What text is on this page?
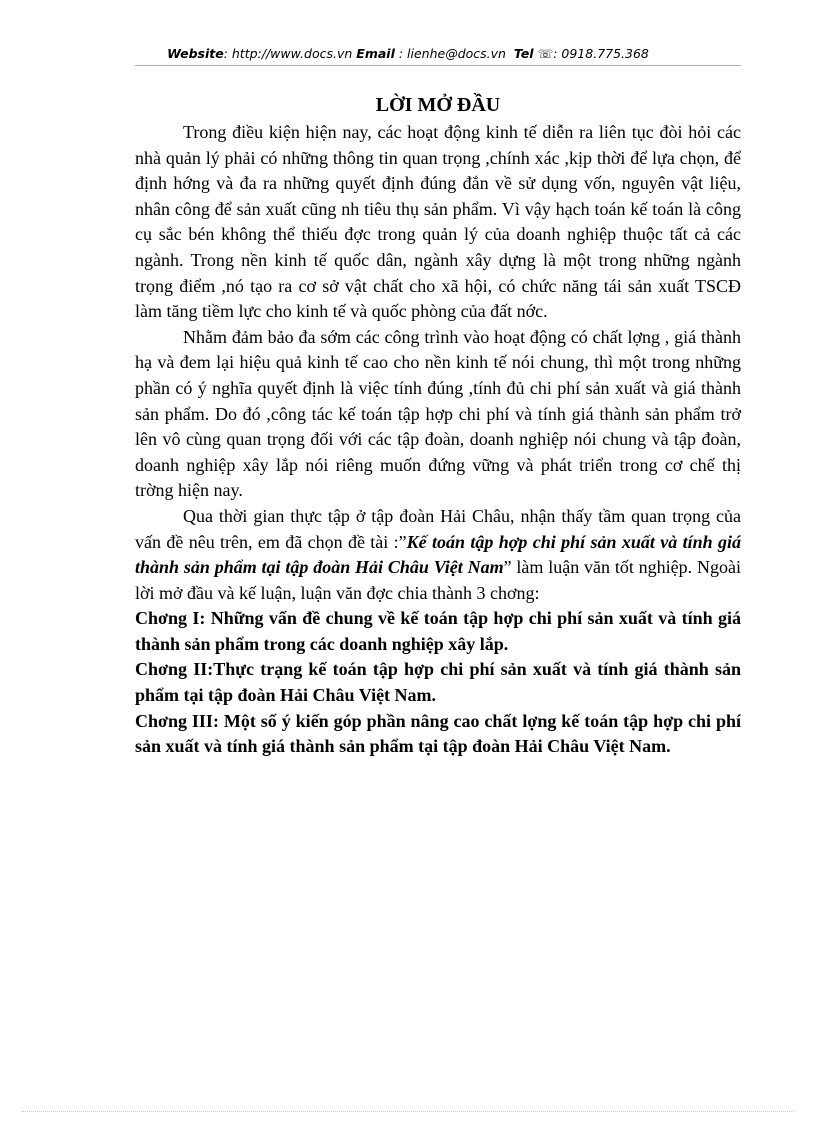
Website: http://www.docs.vn Email : lienhe@docs.vn Tel ☏: 0918.775.368
LỜI MỞ ĐẦU

Trong điều kiện hiện nay, các hoạt động kinh tế diễn ra liên tục đòi hỏi các nhà quản lý phải có những thông tin quan trọng ,chính xác ,kịp thời để lựa chọn, để định hớng và đa ra những quyết định đúng đắn về sử dụng vốn, nguyên vật liệu, nhân công để sản xuất cũng nh tiêu thụ sản phẩm. Vì vậy hạch toán kế toán là công cụ sắc bén không thể thiếu đợc trong quản lý của doanh nghiệp thuộc tất cả các ngành. Trong nền kinh tế quốc dân, ngành xây dựng là một trong những ngành trọng điểm ,nó tạo ra cơ sở vật chất cho xã hội, có chức năng tái sản xuất TSCĐ làm tăng tiềm lực cho kinh tế và quốc phòng của đất nớc.

Nhằm đảm bảo đa sớm các công trình vào hoạt động có chất lợng , giá thành hạ và đem lại hiệu quả kinh tế cao cho nền kinh tế nói chung, thì một trong những phần có ý nghĩa quyết định là việc tính đúng ,tính đủ chi phí sản xuất và giá thành sản phẩm. Do đó ,công tác kế toán tập hợp chi phí và tính giá thành sản phẩm trở lên vô cùng quan trọng đối với các tập đoàn, doanh nghiệp nói chung và tập đoàn, doanh nghiệp xây lắp nói riêng muốn đứng vững và phát triển trong cơ chế thị trờng hiện nay.

Qua thời gian thực tập ở tập đoàn Hải Châu, nhận thấy tầm quan trọng của vấn đề nêu trên, em đã chọn đề tài :”Kế toán tập hợp chi phí sản xuất và tính giá thành sản phẩm tại tập đoàn Hải Châu Việt Nam” làm luận văn tốt nghiệp. Ngoài lời mở đầu và kế luận, luận văn đợc chia thành 3 chơng:

Chơng I: Những vấn đề chung về kế toán tập hợp chi phí sản xuất và tính giá thành sản phẩm trong các doanh nghiệp xây lắp.

Chơng II:Thực trạng kế toán tập hợp chi phí sản xuất và tính giá thành sản phẩm tại tập đoàn Hải Châu Việt Nam.

Chơng III: Một số ý kiến góp phần nâng cao chất lợng kế toán tập hợp chi phí sản xuất và tính giá thành sản phẩm tại tập đoàn Hải Châu Việt Nam.
